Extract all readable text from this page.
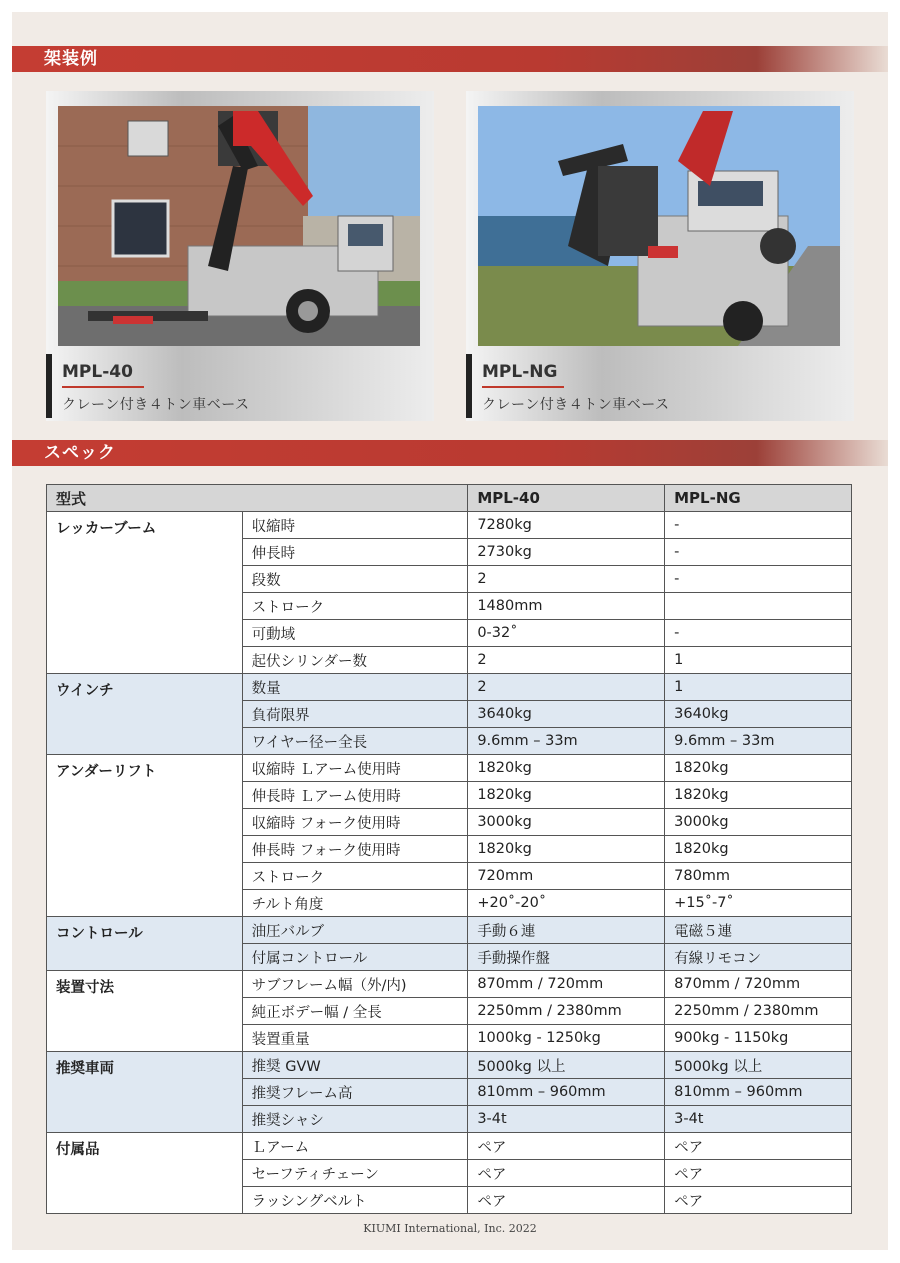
架装例
MPL-40
クレーン付き４トン車ベース
MPL-NG
クレーン付き４トン車ベース
スペック
型式		MPL-40	MPL-NG
レッカーブーム	収縮時	7280kg	-
	伸長時	2730kg	-
	段数	2	-
	ストローク	1480mm	
	可動域	0-32˚	-
	起伏シリンダー数	2	1
ウインチ	数量	2	1
	負荷限界	3640kg	3640kg
	ワイヤー径ー全長	9.6mm – 33m	9.6mm – 33m
アンダーリフト	収縮時 Ｌアーム使用時	1820kg	1820kg
	伸長時 Ｌアーム使用時	1820kg	1820kg
	収縮時 フォーク使用時	3000kg	3000kg
	伸長時 フォーク使用時	1820kg	1820kg
	ストローク	720mm	780mm
	チルト角度	+20˚-20˚	+15˚-7˚
コントロール	油圧バルブ	手動６連	電磁５連
	付属コントロール	手動操作盤	有線リモコン
装置寸法	サブフレーム幅（外/内)	870mm / 720mm	870mm / 720mm
	純正ボデー幅 / 全長	2250mm / 2380mm	2250mm / 2380mm
	装置重量	1000kg - 1250kg	900kg - 1150kg
推奨車両	推奨 GVW	5000kg 以上	5000kg 以上
	推奨フレーム高	810mm – 960mm	810mm – 960mm
	推奨シャシ	3-4t	3-4t
付属品	Ｌアーム	ペア	ペア
	セーフティチェーン	ペア	ペア
	ラッシングベルト	ペア	ペア
KIUMI International, Inc. 2022
